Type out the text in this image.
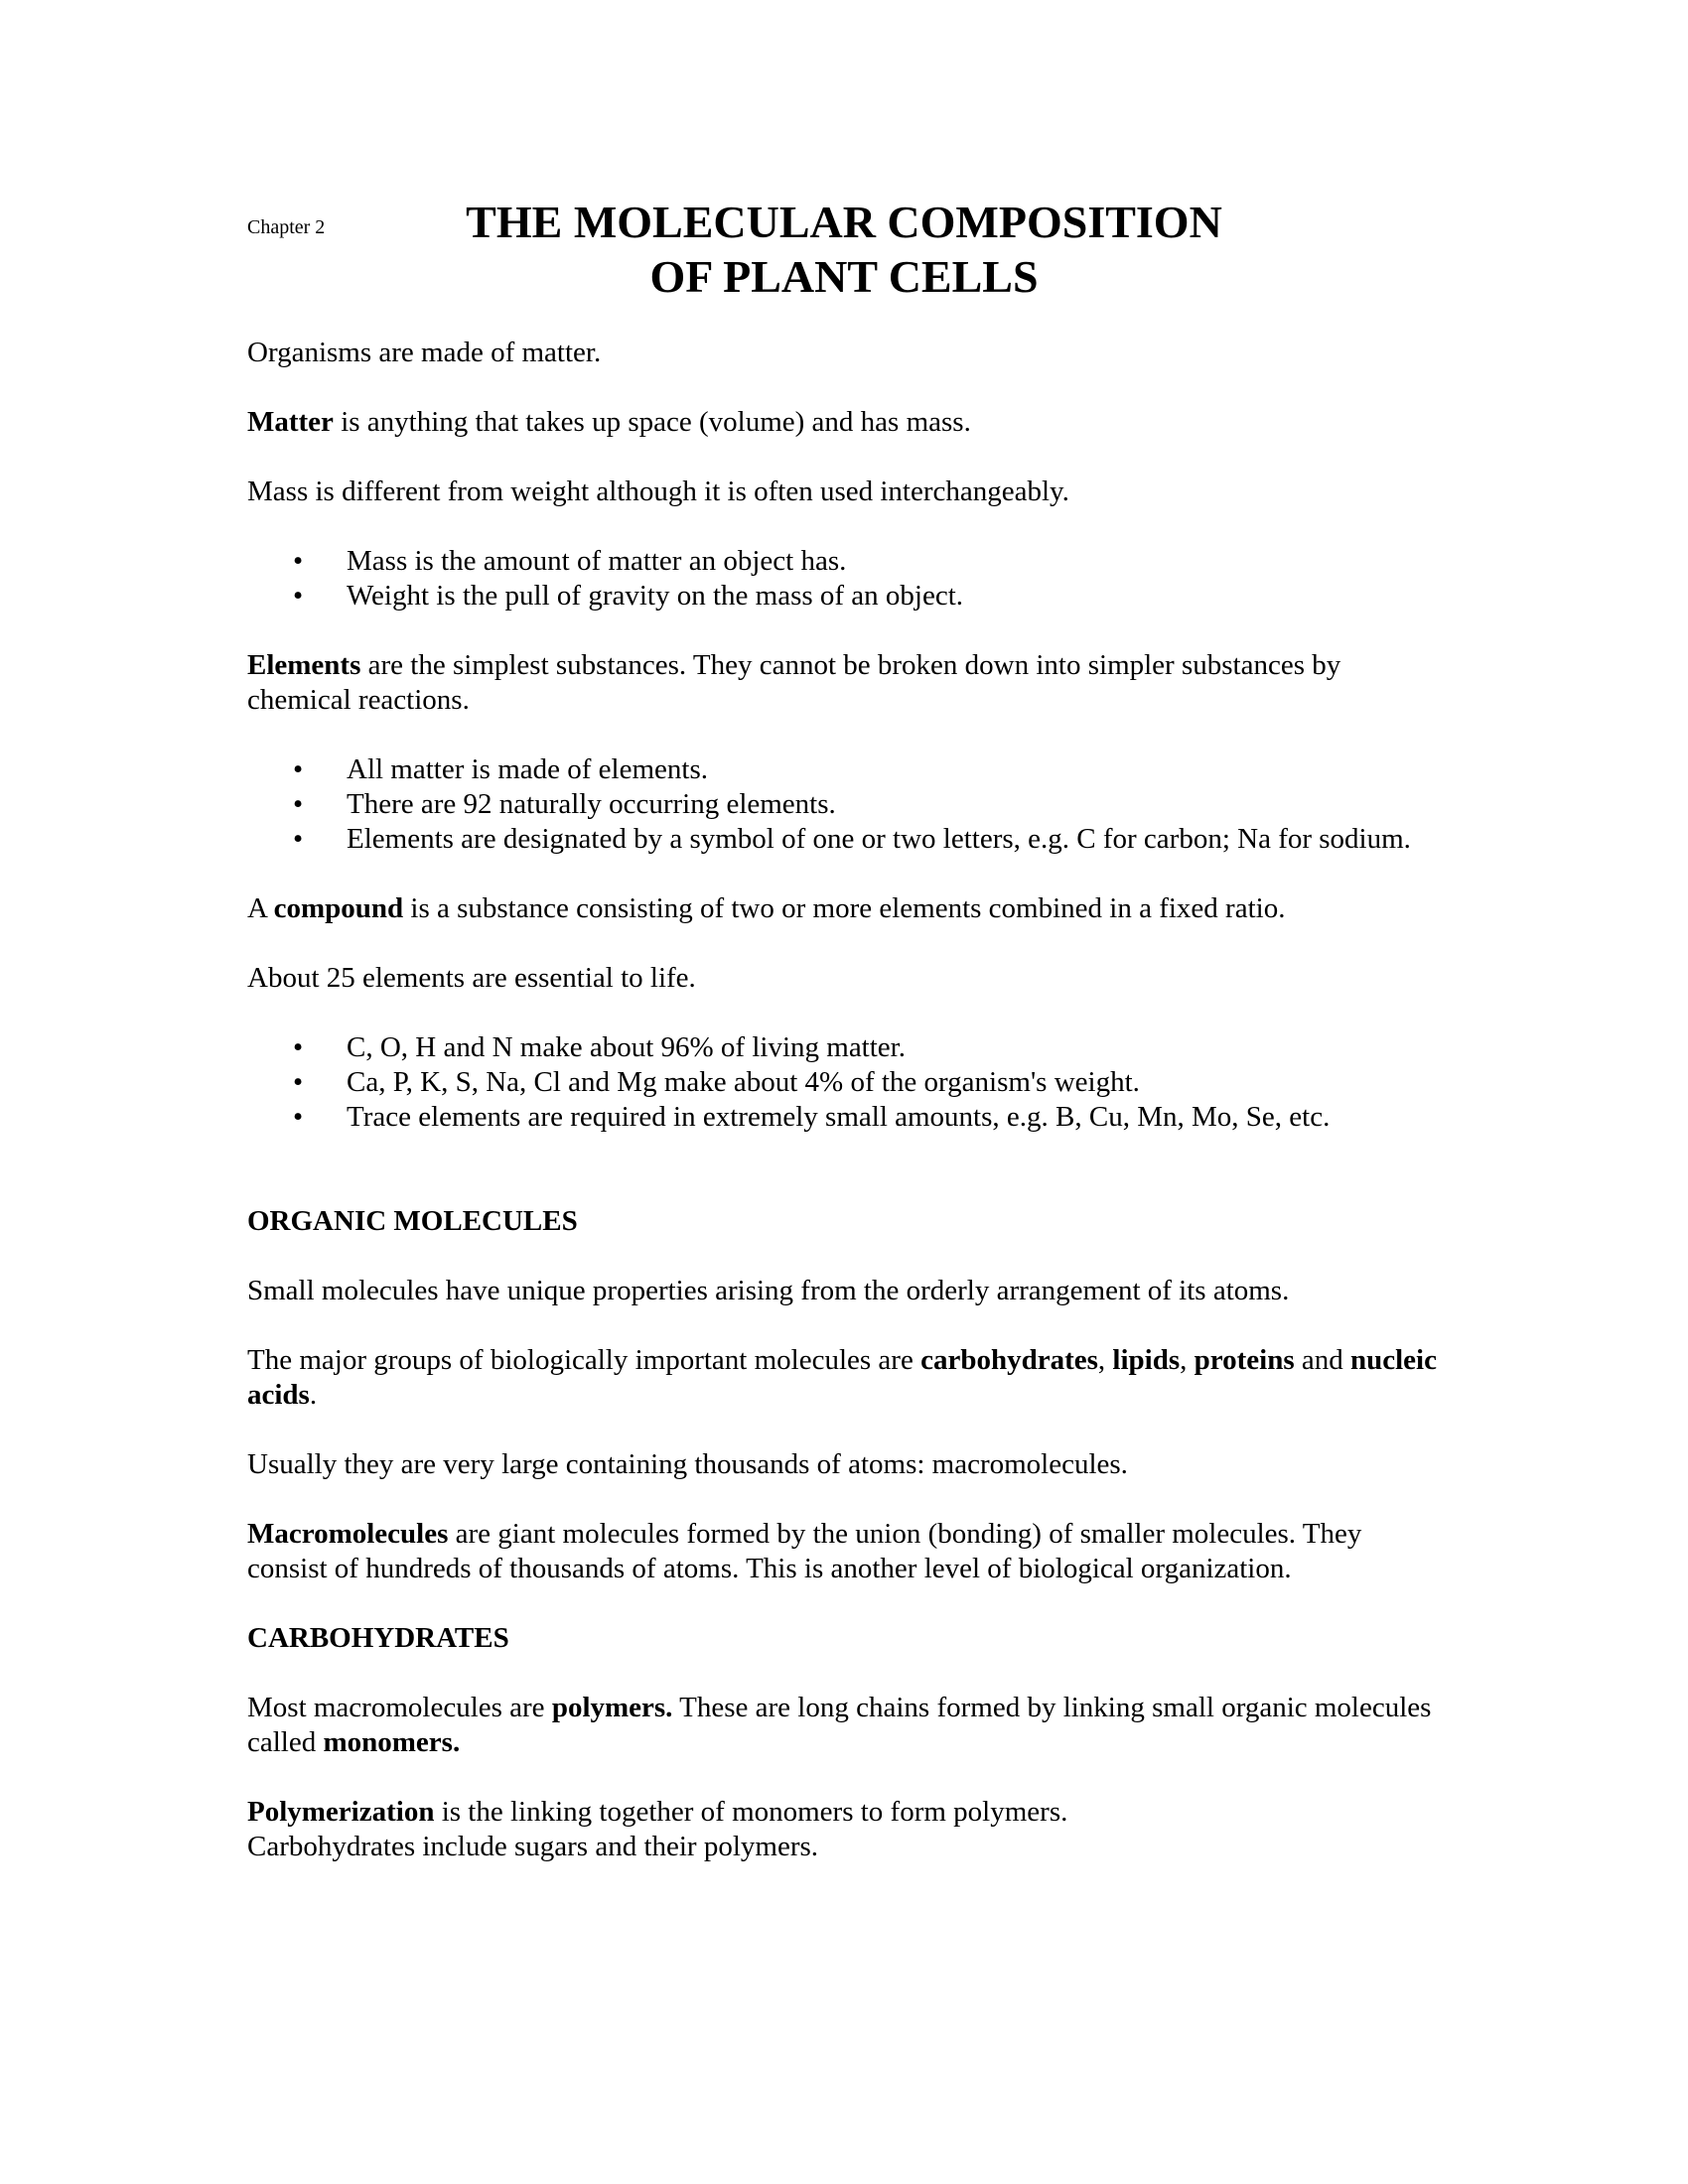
Chapter 2	THE MOLECULAR COMPOSITION
OF PLANT CELLS

Organisms are made of matter.

Matter is anything that takes up space (volume) and has mass.

Mass is different from weight although it is often used interchangeably.

• Mass is the amount of matter an object has.
• Weight is the pull of gravity on the mass of an object.

Elements are the simplest substances. They cannot be broken down into simpler substances by chemical reactions.

• All matter is made of elements.
• There are 92 naturally occurring elements.
• Elements are designated by a symbol of one or two letters, e.g. C for carbon; Na for sodium.

A compound is a substance consisting of two or more elements combined in a fixed ratio.

About 25 elements are essential to life.

• C, O, H and N make about 96% of living matter.
• Ca, P, K, S, Na, Cl and Mg make about 4% of the organism's weight.
• Trace elements are required in extremely small amounts, e.g. B, Cu, Mn, Mo, Se, etc.
ORGANIC MOLECULES

Small molecules have unique properties arising from the orderly arrangement of its atoms.

The major groups of biologically important molecules are carbohydrates, lipids, proteins and nucleic acids.

Usually they are very large containing thousands of atoms: macromolecules.

Macromolecules are giant molecules formed by the union (bonding) of smaller molecules. They consist of hundreds of thousands of atoms. This is another level of biological organization.

CARBOHYDRATES

Most macromolecules are polymers. These are long chains formed by linking small organic molecules called monomers.

Polymerization is the linking together of monomers to form polymers.

Carbohydrates include sugars and their polymers.
